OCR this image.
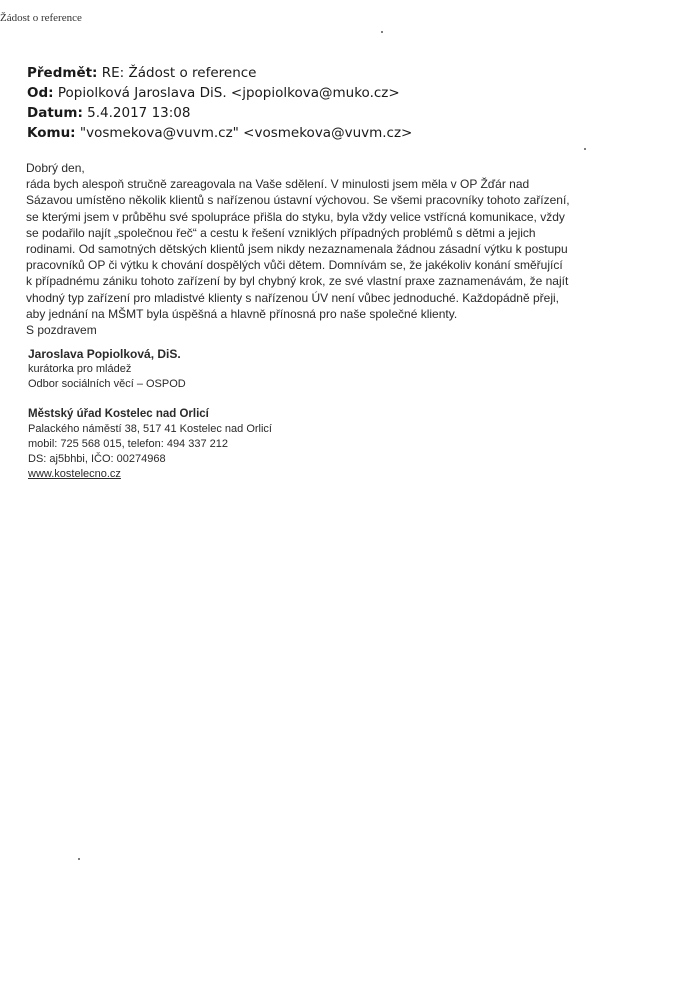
Žádost o reference
Předmět: RE: Žádost o reference
Od: Popiolková Jaroslava DiS. <jpopiolkova@muko.cz>
Datum: 5.4.2017 13:08
Komu: "vosmekova@vuvm.cz" <vosmekova@vuvm.cz>
Dobrý den,
ráda bych alespoň stručně zareagovala na Vaše sdělení. V minulosti jsem měla v OP Žďár nad
Sázavou umístěno několik klientů s nařízenou ústavní výchovou. Se všemi pracovníky tohoto zařízení,
se kterými jsem v průběhu své spolupráce přišla do styku, byla vždy velice vstřícná komunikace, vždy
se podařilo najít „společnou řeč“ a cestu k řešení vzniklých případných problémů s dětmi a jejich
rodinami. Od samotných dětských klientů jsem nikdy nezaznamenala žádnou zásadní výtku k postupu
pracovníků OP či výtku k chování dospělých vůči dětem. Domnívám se, že jakékoliv konání směřující
k případnému zániku tohoto zařízení by byl chybný krok, ze své vlastní praxe zaznamenávám, že najít
vhodný typ zařízení pro mladistvé klienty s nařízenou ÚV není vůbec jednoduché. Každopádně přeji,
aby jednání na MŠMT byla úspěšná a hlavně přínosná pro naše společné klienty.
S pozdravem
Jaroslava Popiolková, DiS.
kurátorka pro mládež
Odbor sociálních věcí – OSPOD
Městský úřad Kostelec nad Orlicí
Palackého náměstí 38, 517 41 Kostelec nad Orlicí
mobil: 725 568 015, telefon: 494 337 212
DS: aj5bhbi, IČO: 00274968
www.kostelecno.cz
